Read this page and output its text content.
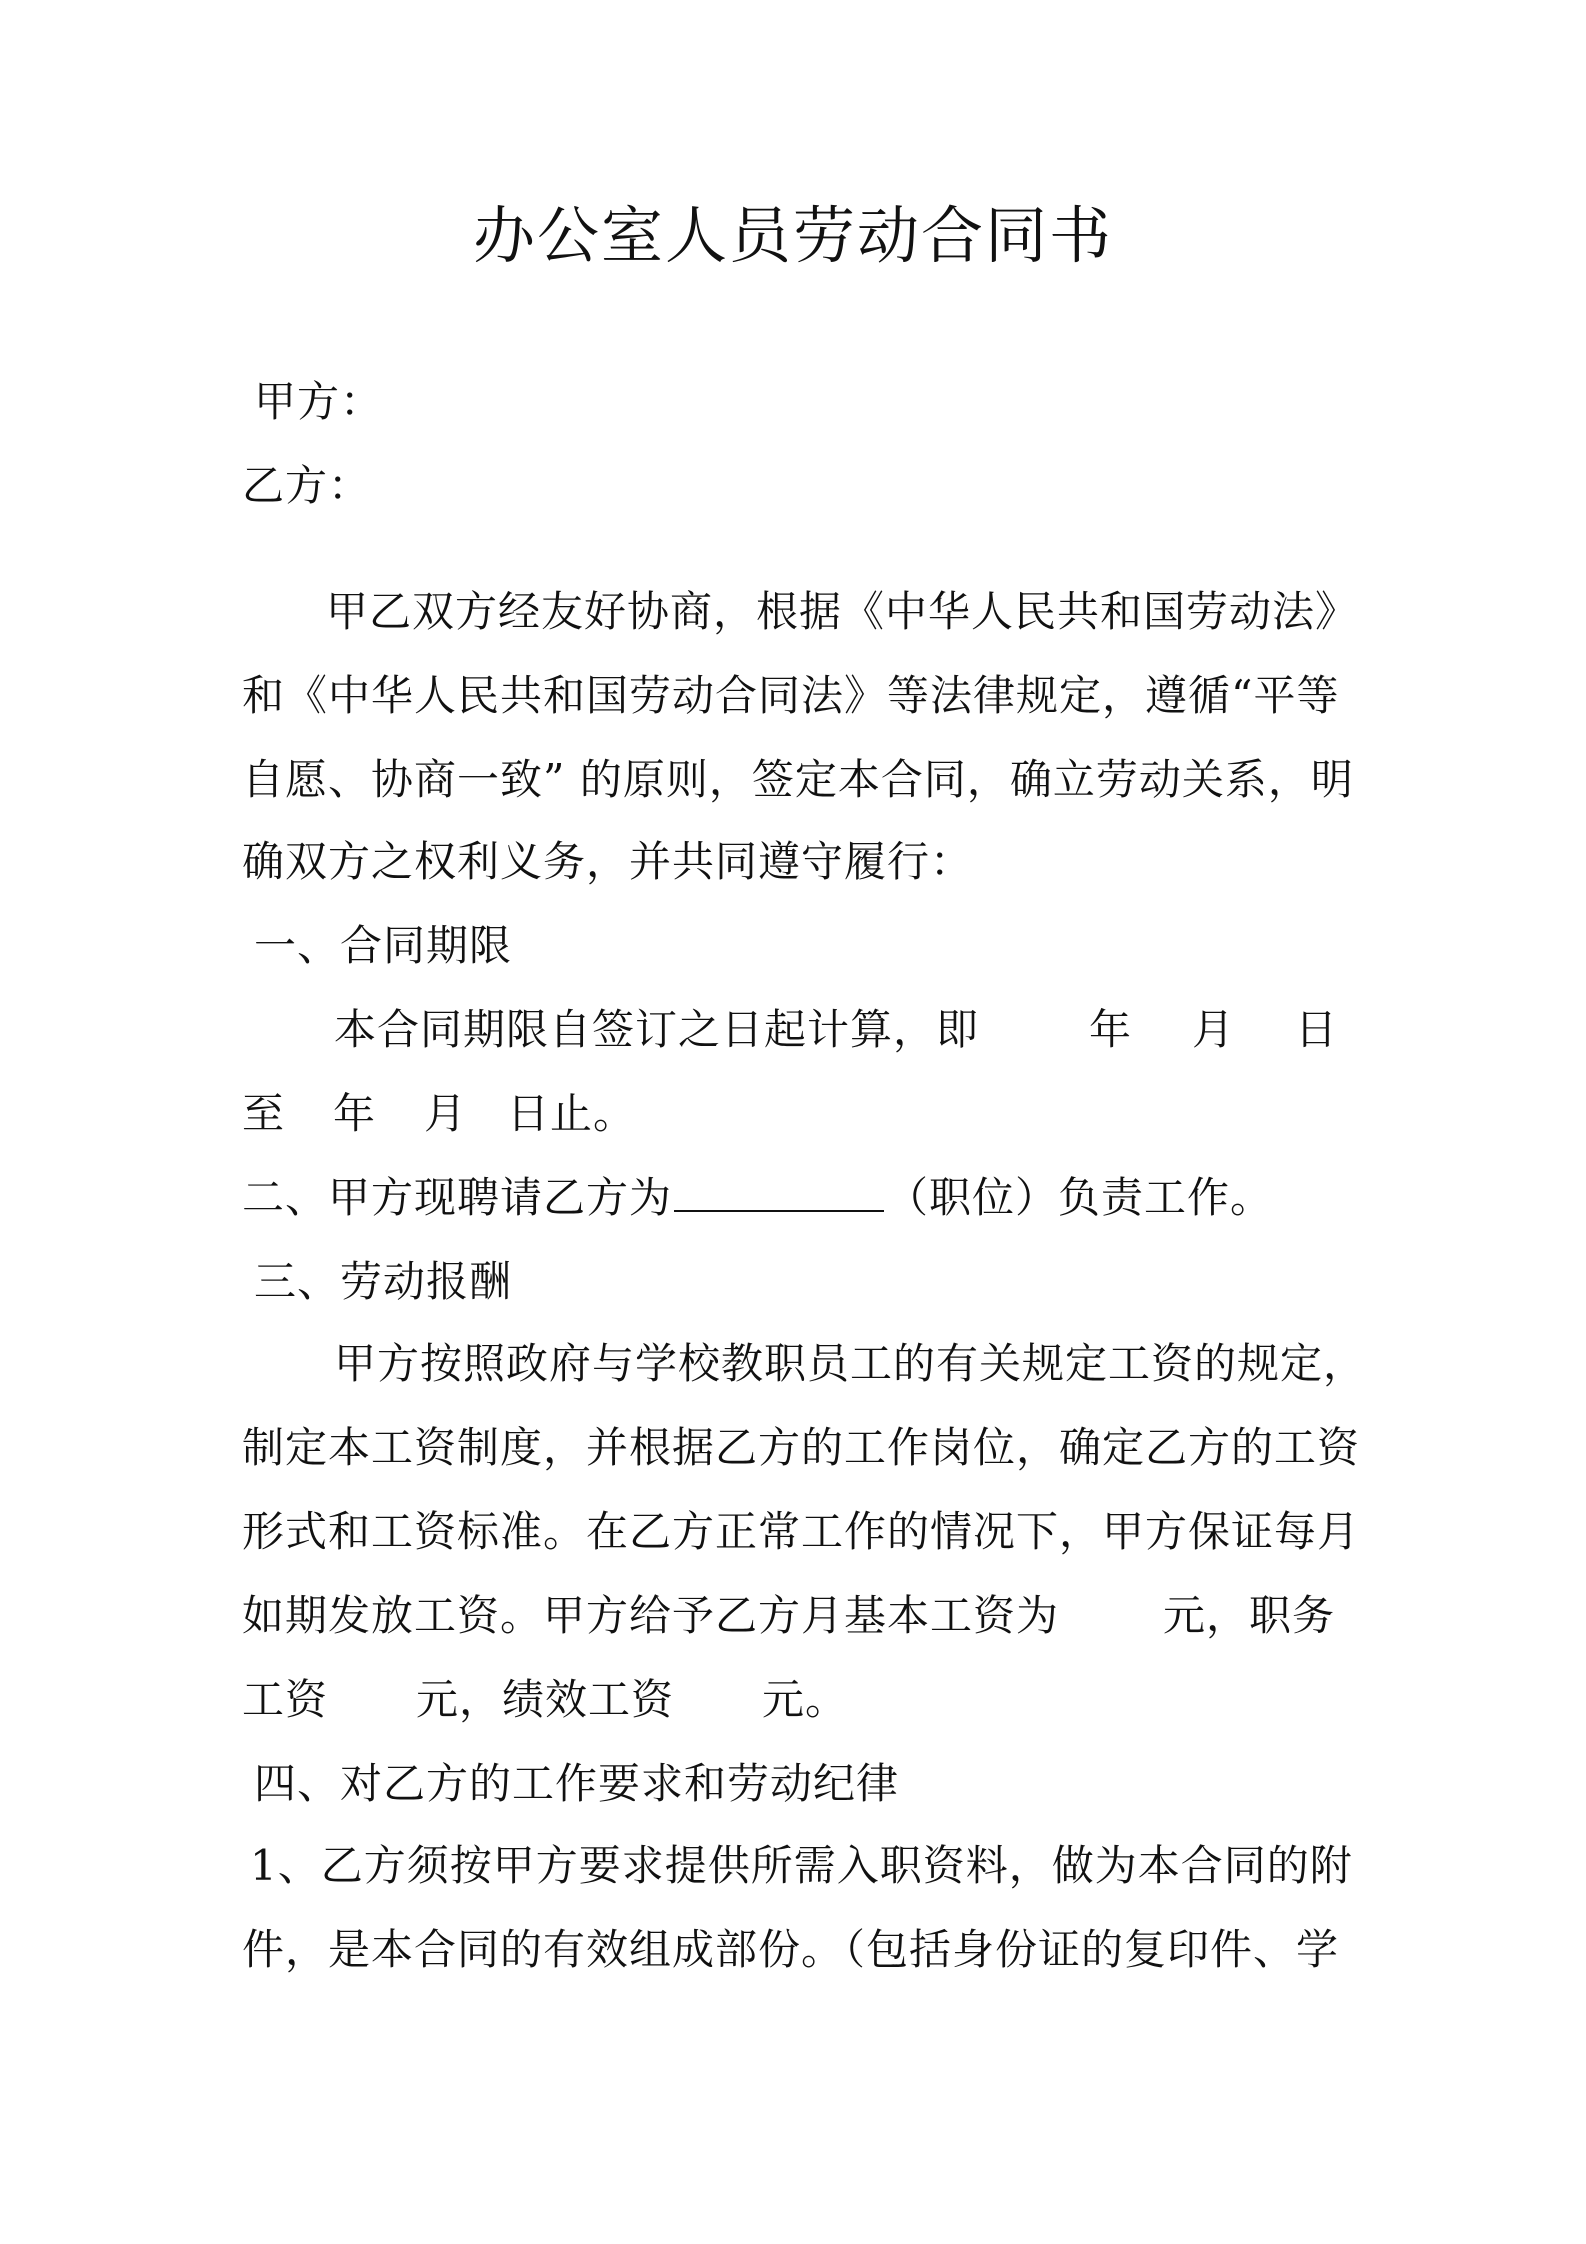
办公室人员劳动合同书
甲方：
乙方：
甲乙双方经友好协商，根据《中华人民共和国劳动法》
和《中华人民共和国劳动合同法》等法律规定，遵循“平等
自愿、协商一致” 的原则，签定本合同，确立劳动关系，明
确双方之权利义务，并共同遵守履行：
一、合同期限
本合同期限自签订之日起计算，即	年 月 日
至 年 月 日止。
二、甲方现聘请乙方为	（职位）负责工作。
三、劳动报酬
甲方按照政府与学校教职员工的有关规定工资的规定，
制定本工资制度，并根据乙方的工作岗位，确定乙方的工资
形式和工资标准。在乙方正常工作的情况下，甲方保证每月
如期发放工资。甲方给予乙方月基本工资为 元，职务
工资 元，绩效工资 元。
四、对乙方的工作要求和劳动纪律
1、乙方须按甲方要求提供所需入职资料，做为本合同的附
件，是本合同的有效组成部份。（包括身份证的复印件、学
